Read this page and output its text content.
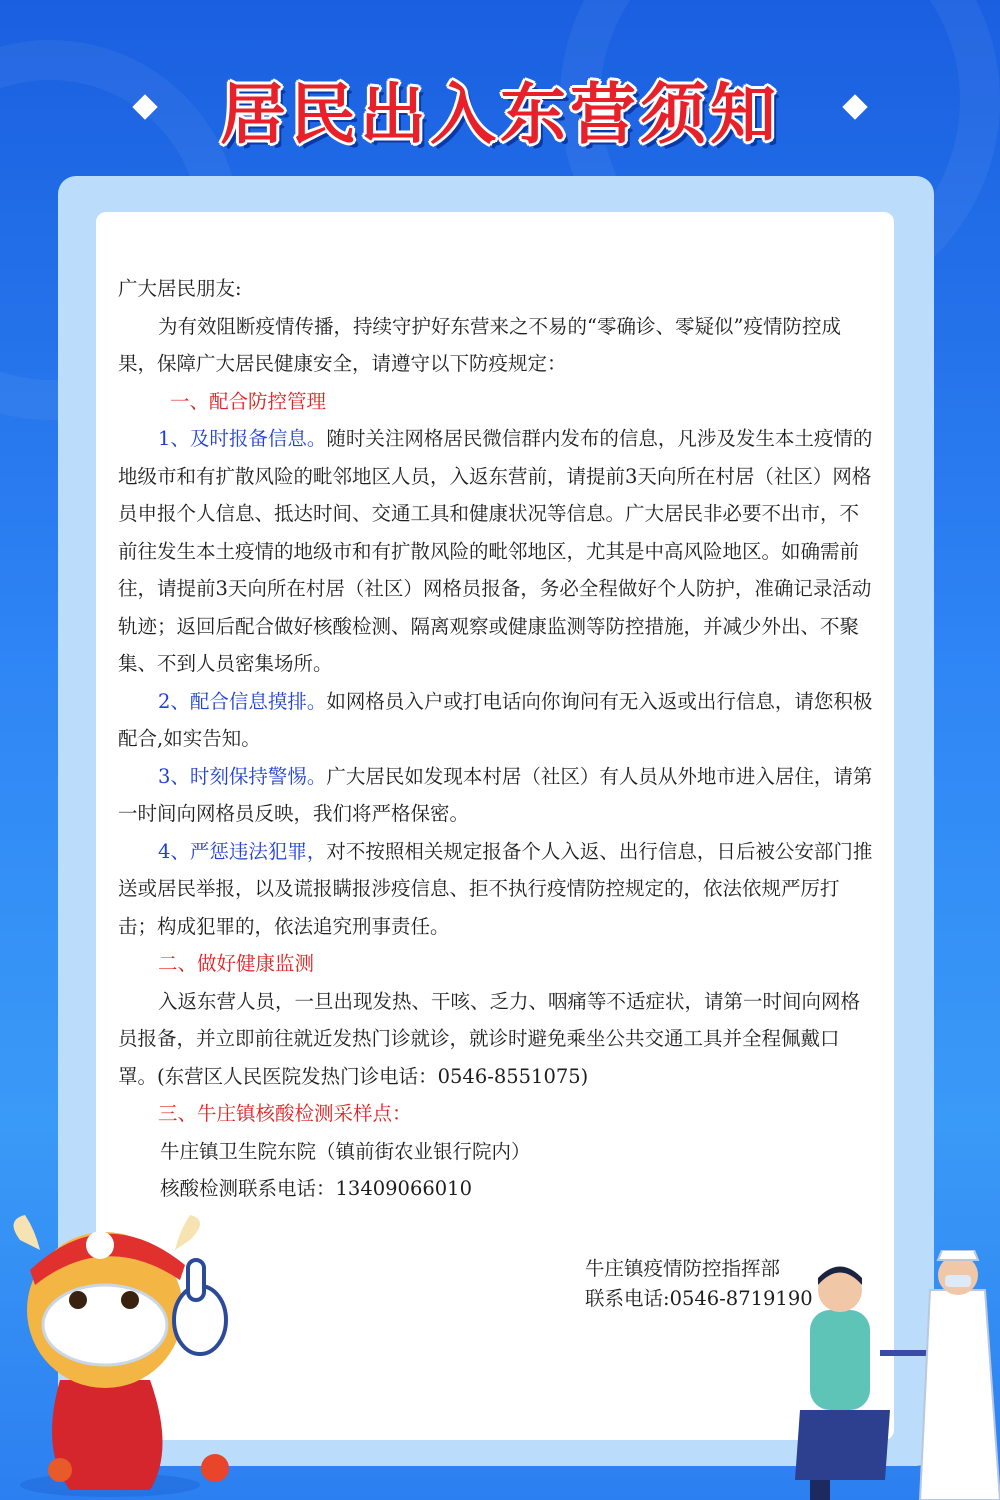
居民出入东营须知

广大居民朋友:

为有效阻断疫情传播，持续守护好东营来之不易的“零确诊、零疑似”疫情防控成果，保障广大居民健康安全，请遵守以下防疫规定：

一、配合防控管理

1、及时报备信息。随时关注网格居民微信群内发布的信息，凡涉及发生本土疫情的地级市和有扩散风险的毗邻地区人员，入返东营前，请提前3天向所在村居（社区）网格员申报个人信息、抵达时间、交通工具和健康状况等信息。广大居民非必要不出市，不前往发生本土疫情的地级市和有扩散风险的毗邻地区，尤其是中高风险地区。如确需前往，请提前3天向所在村居（社区）网格员报备，务必全程做好个人防护，准确记录活动轨迹；返回后配合做好核酸检测、隔离观察或健康监测等防控措施，并减少外出、不聚集、不到人员密集场所。

2、配合信息摸排。如网格员入户或打电话向你询问有无入返或出行信息，请您积极配合,如实告知。

3、时刻保持警惕。广大居民如发现本村居（社区）有人员从外地市进入居住，请第一时间向网格员反映，我们将严格保密。

4、严惩违法犯罪，对不按照相关规定报备个人入返、出行信息，日后被公安部门推送或居民举报，以及谎报瞒报涉疫信息、拒不执行疫情防控规定的，依法依规严厉打击；构成犯罪的，依法追究刑事责任。

二、做好健康监测

入返东营人员，一旦出现发热、干咳、乏力、咽痛等不适症状，请第一时间向网格员报备，并立即前往就近发热门诊就诊，就诊时避免乘坐公共交通工具并全程佩戴口罩。(东营区人民医院发热门诊电话：0546-8551075)

三、牛庄镇核酸检测采样点：

牛庄镇卫生院东院（镇前街农业银行院内）

核酸检测联系电话：13409066010

牛庄镇疫情防控指挥部
联系电话:0546-8719190
